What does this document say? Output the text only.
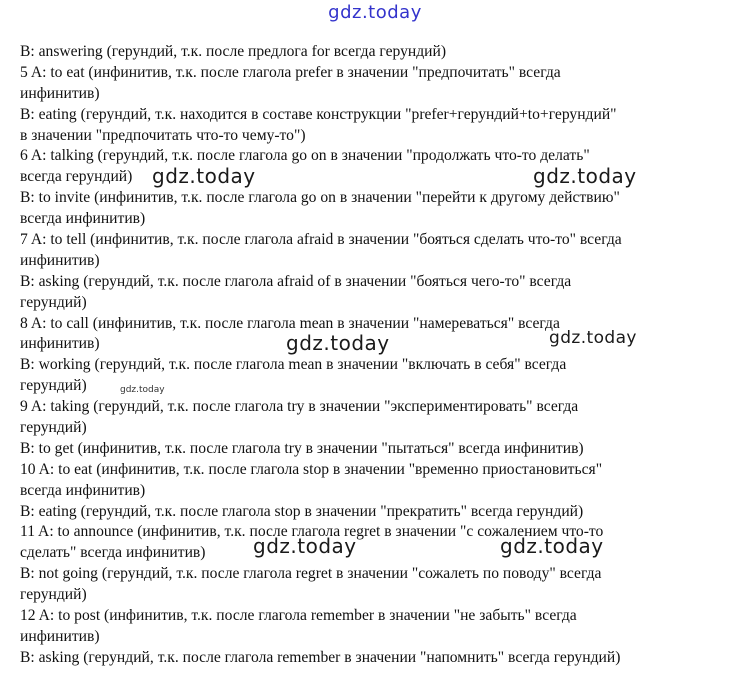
gdz.today
B: answering (герундий, т.к. после предлога for всегда герундий)
5 A: to eat (инфинитив, т.к. после глагола prefer в значении "предпочитать" всегда
инфинитив)
B: eating (герундий, т.к. находится в составе конструкции "prefer+герундий+to+герундий"
в значении "предпочитать что-то чему-то")
6 A: talking (герундий, т.к. после глагола go on в значении "продолжать что-то делать"
всегда герундий)
B: to invite (инфинитив, т.к. после глагола go on в значении "перейти к другому действию"
всегда инфинитив)
7 A: to tell (инфинитив, т.к. после глагола afraid в значении "бояться сделать что-то" всегда
инфинитив)
B: asking (герундий, т.к. после глагола afraid of в значении "бояться чего-то" всегда
герундий)
8 A: to call (инфинитив, т.к. после глагола mean в значении "намереваться" всегда
инфинитив)
B: working (герундий, т.к. после глагола mean в значении "включать в себя" всегда
герундий)
9 A: taking (герундий, т.к. после глагола try в значении "экспериментировать" всегда
герундий)
B: to get (инфинитив, т.к. после глагола try в значении "пытаться" всегда инфинитив)
10 A: to eat (инфинитив, т.к. после глагола stop в значении "временно приостановиться"
всегда инфинитив)
B: eating (герундий, т.к. после глагола stop в значении "прекратить" всегда герундий)
11 A: to announce (инфинитив, т.к. после глагола regret в значении "с сожалением что-то
сделать" всегда инфинитив)
B: not going (герундий, т.к. после глагола regret в значении "сожалеть по поводу" всегда
герундий)
12 A: to post (инфинитив, т.к. после глагола remember в значении "не забыть" всегда
инфинитив)
B: asking (герундий, т.к. после глагола remember в значении "напомнить" всегда герундий)
gdz.today	gdz.today
gdz.today	gdz.today
gdz.today
gdz.today	gdz.today
